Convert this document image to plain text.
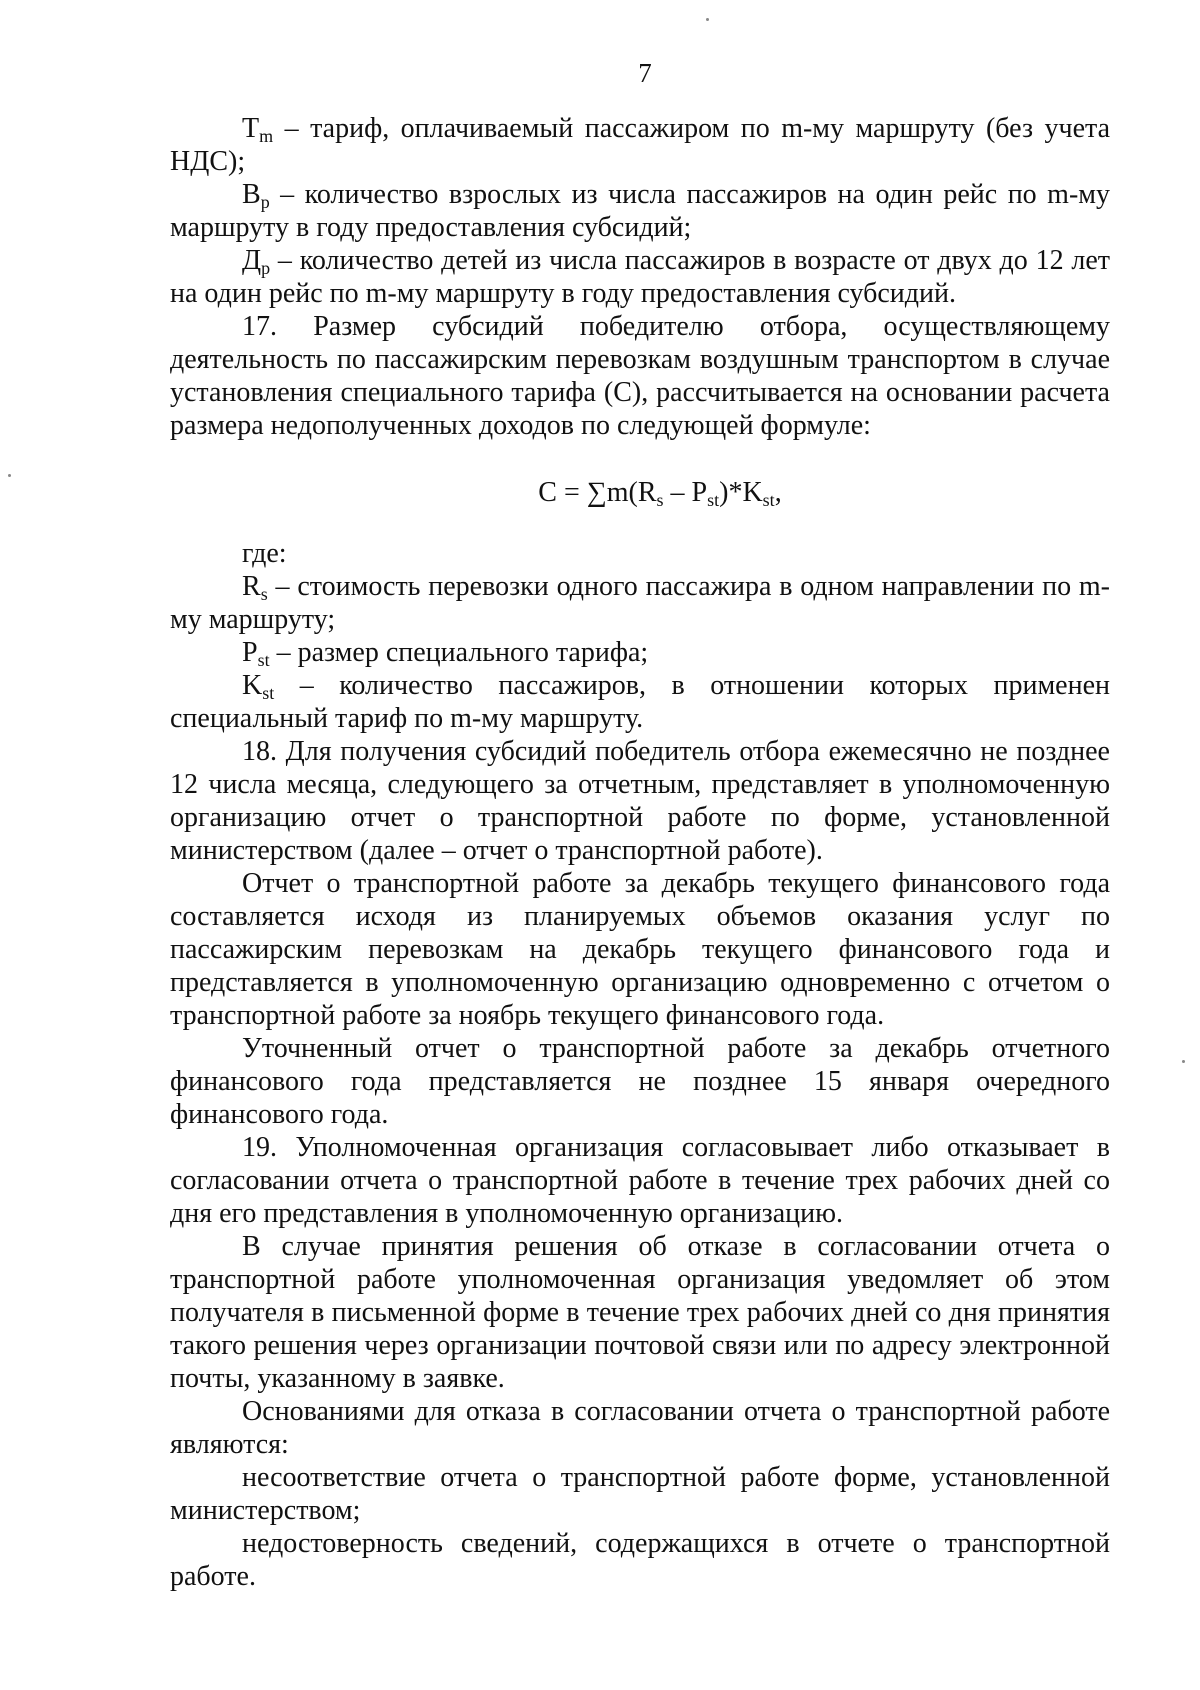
7

$T_m$ – тариф, оплачиваемый пассажиром по m-му маршруту (без учета НДС);

$В_р$ – количество взрослых из числа пассажиров на один рейс по m-му маршруту в году предоставления субсидий;

$Д_р$ – количество детей из числа пассажиров в возрасте от двух до 12 лет на один рейс по m-му маршруту в году предоставления субсидий.

17. Размер субсидий победителю отбора, осуществляющему деятельность по пассажирским перевозкам воздушным транспортом в случае установления специального тарифа (С), рассчитывается на основании расчета размера недополученных доходов по следующей формуле:

$С = \sum m(R_s - P_{st})*K_{st}$,

где:

$R_s$ – стоимость перевозки одного пассажира в одном направлении по m-му маршруту;

$P_{st}$ – размер специального тарифа;

$K_{st}$ – количество пассажиров, в отношении которых применен специальный тариф по m-му маршруту.

18. Для получения субсидий победитель отбора ежемесячно не позднее 12 числа месяца, следующего за отчетным, представляет в уполномоченную организацию отчет о транспортной работе по форме, установленной министерством (далее – отчет о транспортной работе).

Отчет о транспортной работе за декабрь текущего финансового года составляется исходя из планируемых объемов оказания услуг по пассажирским перевозкам на декабрь текущего финансового года и представляется в уполномоченную организацию одновременно с отчетом о транспортной работе за ноябрь текущего финансового года.

Уточненный отчет о транспортной работе за декабрь отчетного финансового года представляется не позднее 15 января очередного финансового года.

19. Уполномоченная организация согласовывает либо отказывает в согласовании отчета о транспортной работе в течение трех рабочих дней со дня его представления в уполномоченную организацию.

В случае принятия решения об отказе в согласовании отчета о транспортной работе уполномоченная организация уведомляет об этом получателя в письменной форме в течение трех рабочих дней со дня принятия такого решения через организации почтовой связи или по адресу электронной почты, указанному в заявке.

Основаниями для отказа в согласовании отчета о транспортной работе являются:

несоответствие отчета о транспортной работе форме, установленной министерством;

недостоверность сведений, содержащихся в отчете о транспортной работе.
